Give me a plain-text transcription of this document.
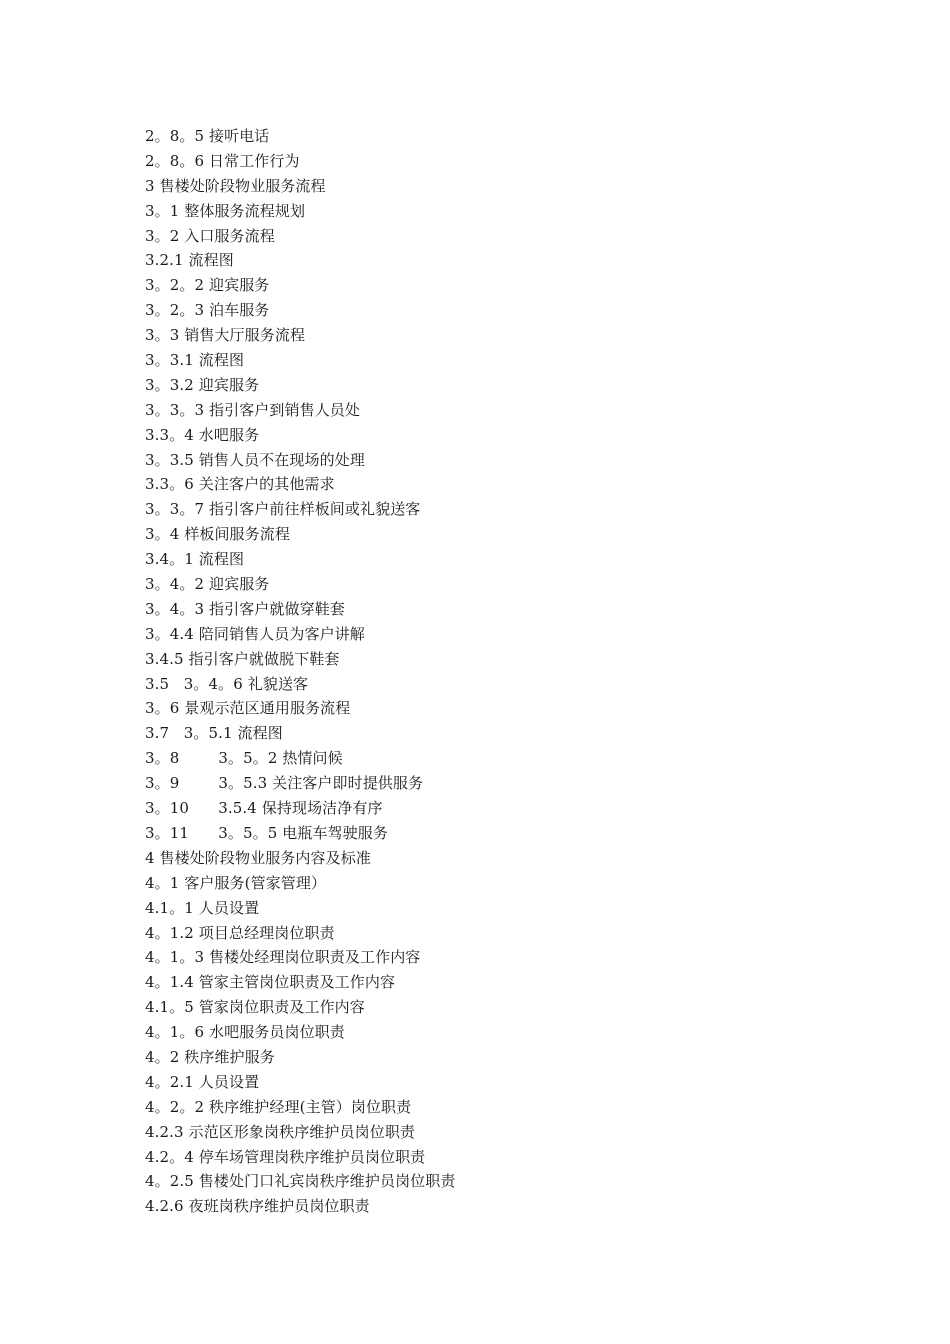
2。8。5 接听电话
2。8。6 日常工作行为
3 售楼处阶段物业服务流程
3。1 整体服务流程规划
3。2 入口服务流程
3.2.1 流程图
3。2。2 迎宾服务
3。2。3 泊车服务
3。3 销售大厅服务流程
3。3.1 流程图
3。3.2 迎宾服务
3。3。3 指引客户到销售人员处
3.3。4 水吧服务
3。3.5 销售人员不在现场的处理
3.3。6 关注客户的其他需求
3。3。7 指引客户前往样板间或礼貌送客
3。4 样板间服务流程
3.4。1 流程图
3。4。2 迎宾服务
3。4。3 指引客户就做穿鞋套
3。4.4 陪同销售人员为客户讲解
3.4.5 指引客户就做脱下鞋套
3.5   3。4。6 礼貌送客
3。6 景观示范区通用服务流程
3.7   3。5.1 流程图
3。8        3。5。2 热情问候
3。9        3。5.3 关注客户即时提供服务
3。10      3.5.4 保持现场洁净有序
3。11      3。5。5 电瓶车驾驶服务
4 售楼处阶段物业服务内容及标准
4。1 客户服务(管家管理）
4.1。1 人员设置
4。1.2 项目总经理岗位职责
4。1。3 售楼处经理岗位职责及工作内容
4。1.4 管家主管岗位职责及工作内容
4.1。5 管家岗位职责及工作内容
4。1。6 水吧服务员岗位职责
4。2 秩序维护服务
4。2.1 人员设置
4。2。2 秩序维护经理(主管）岗位职责
4.2.3 示范区形象岗秩序维护员岗位职责
4.2。4 停车场管理岗秩序维护员岗位职责
4。2.5 售楼处门口礼宾岗秩序维护员岗位职责
4.2.6 夜班岗秩序维护员岗位职责
